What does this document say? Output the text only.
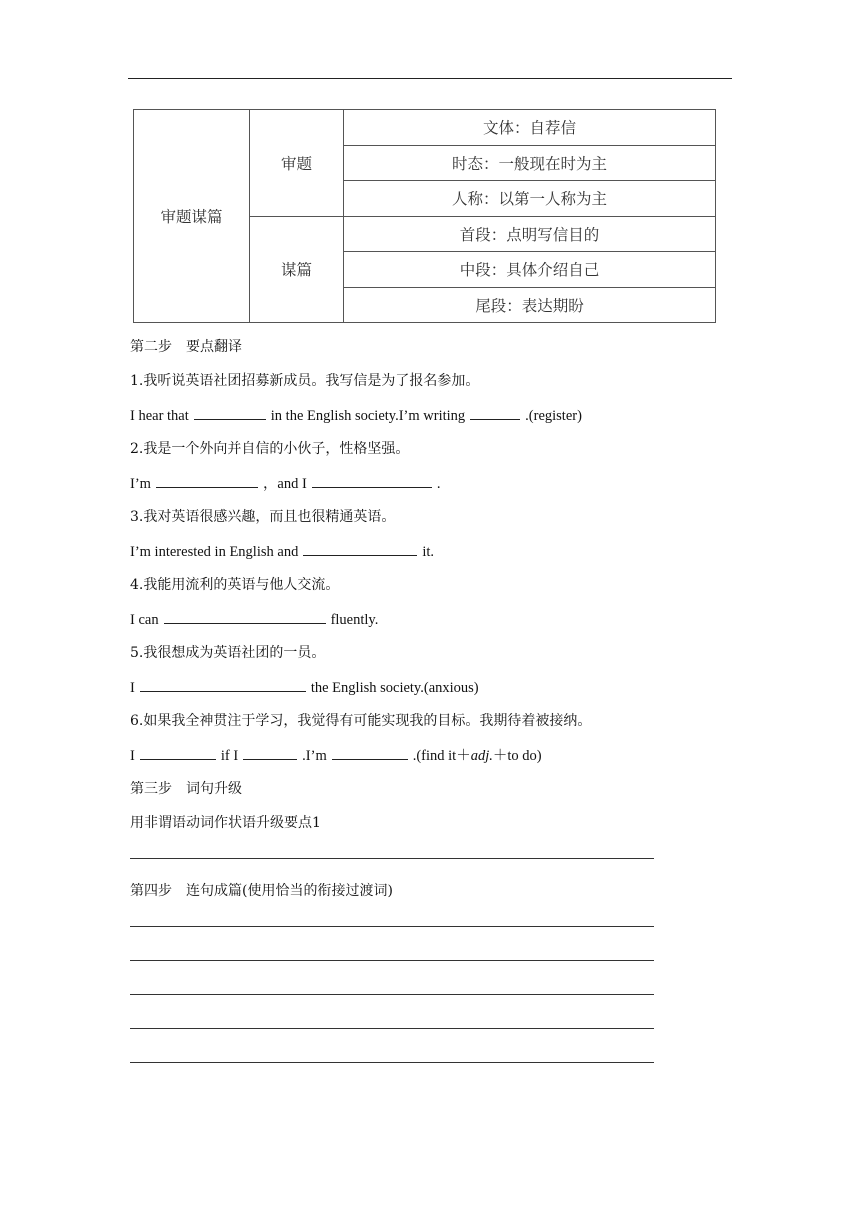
审题谋篇	审题	文体：自荐信
		时态：一般现在时为主
		人称：以第一人称为主
	谋篇	首段：点明写信目的
		中段：具体介绍自己
		尾段：表达期盼
第二步　要点翻译
1.我听说英语社团招募新成员。我写信是为了报名参加。
I hear that	in the English society.I’m writing	.(register)
2.我是一个外向并自信的小伙子，性格坚强。
I’m	，and I	.
3.我对英语很感兴趣，而且也很精通英语。
I’m interested in English and	it.
4.我能用流利的英语与他人交流。
I can	fluently.
5.我很想成为英语社团的一员。
I	the English society.(anxious)
6.如果我全神贯注于学习，我觉得有可能实现我的目标。我期待着被接纳。
I	if I	.I’m	.(find it＋adj.＋to do)
第三步　词句升级
用非谓语动词作状语升级要点1
第四步　连句成篇(使用恰当的衔接过渡词)
